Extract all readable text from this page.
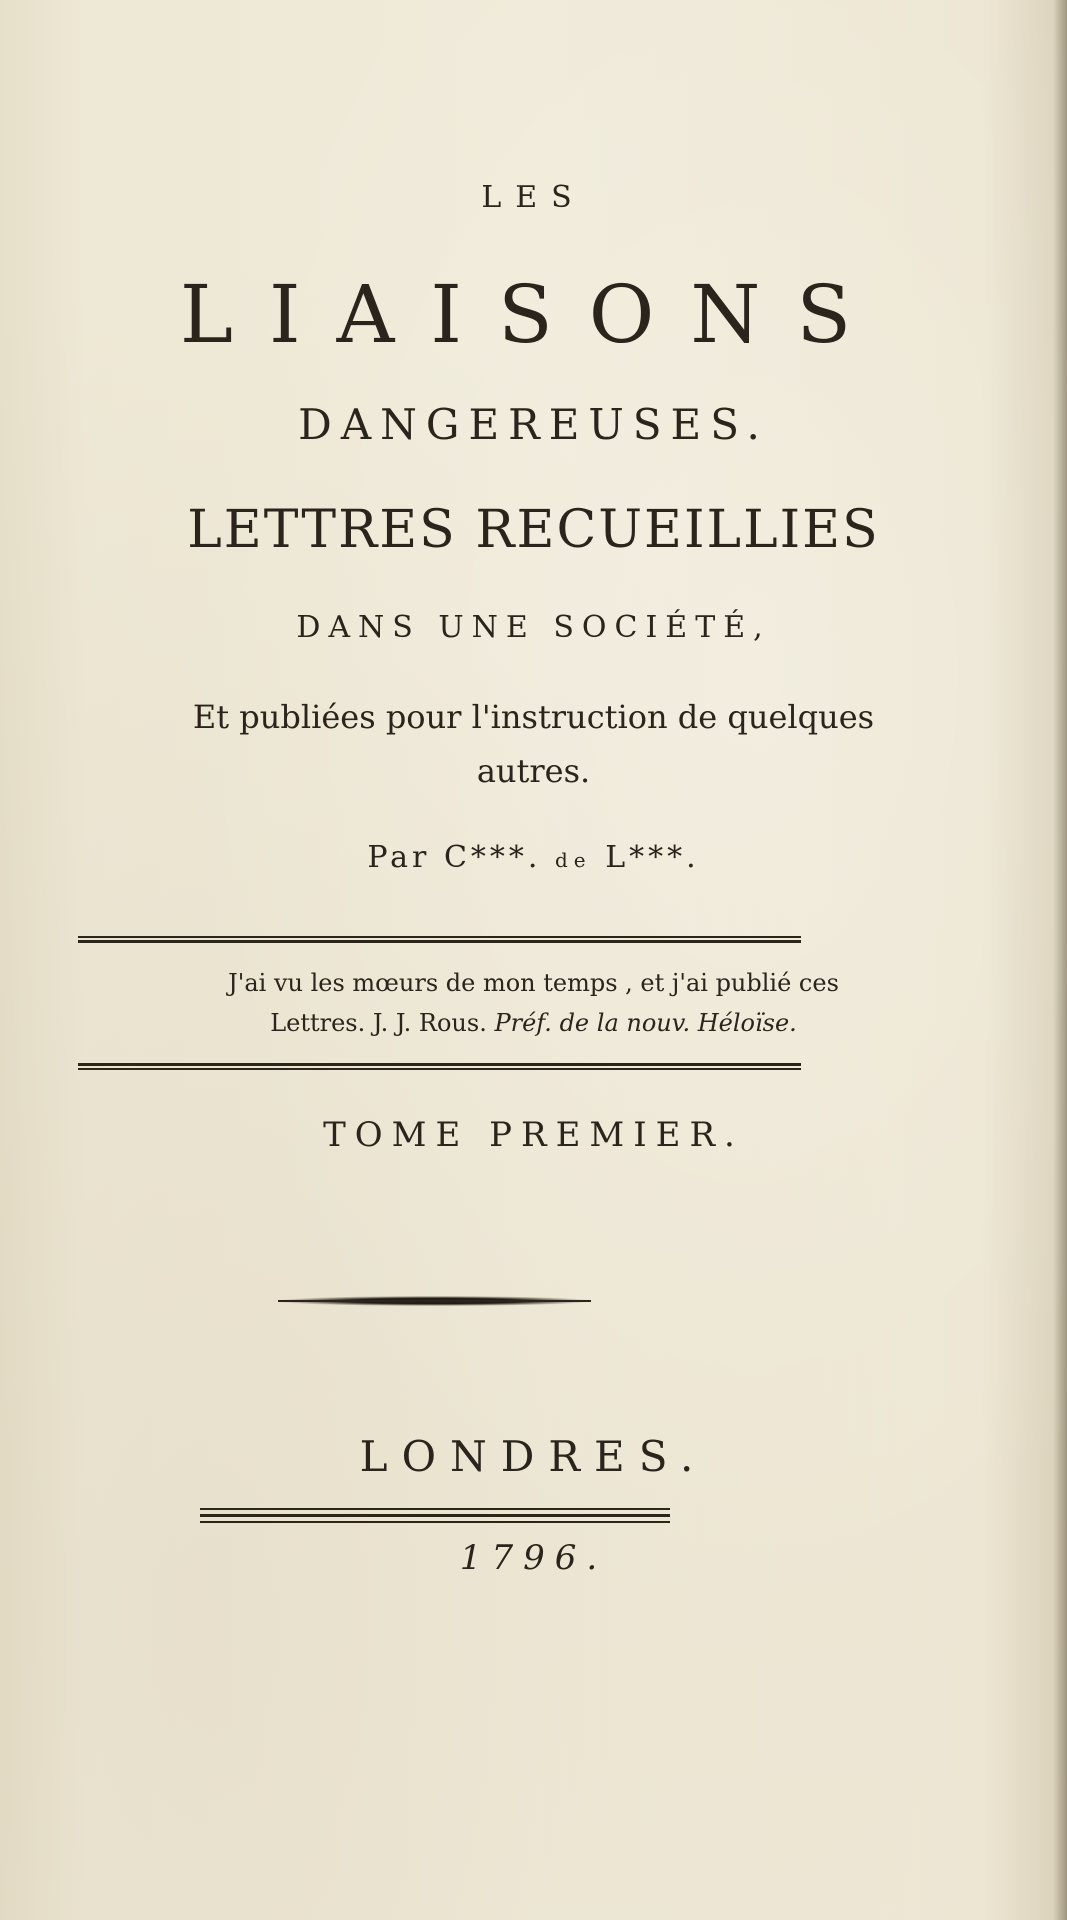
LES
LIAISONS
DANGEREUSES.
LETTRES RECUEILLIES
DANS UNE SOCIÉTÉ,
Et publiées pour l'instruction de quelques
autres.
Par C***. de L***.
J'ai vu les mœurs de mon temps , et j'ai publié ces
Lettres. J. J. Rous. Préf. de la nouv. Héloïse.
TOME PREMIER.
LONDRES.
1796.
